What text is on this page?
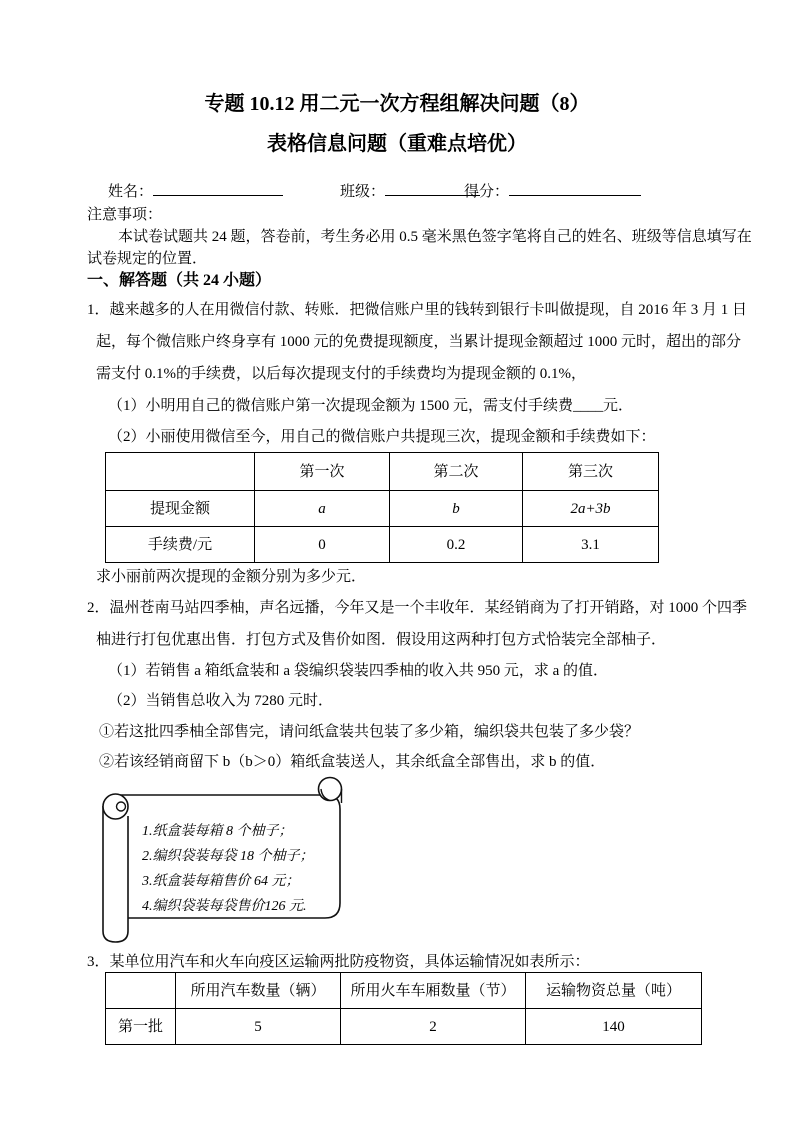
专题 10.12 用二元一次方程组解决问题（8）
表格信息问题（重难点培优）
姓名：	班级：	得分：
注意事项：
本试卷试题共 24 题，答卷前，考生务必用 0.5 毫米黑色签字笔将自己的姓名、班级等信息填写在
试卷规定的位置．
一、解答题（共 24 小题）
1．越来越多的人在用微信付款、转账．把微信账户里的钱转到银行卡叫做提现，自 2016 年 3 月 1 日
起，每个微信账户终身享有 1000 元的免费提现额度，当累计提现金额超过 1000 元时，超出的部分
需支付 0.1%的手续费，以后每次提现支付的手续费均为提现金额的 0.1%，
（1）小明用自己的微信账户第一次提现金额为 1500 元，需支付手续费____元．
（2）小丽使用微信至今，用自己的微信账户共提现三次，提现金额和手续费如下：
	第一次	第二次	第三次
提现金额	a	b	2a+3b
手续费/元	0	0.2	3.1
求小丽前两次提现的金额分别为多少元．
2．温州苍南马站四季柚，声名远播，今年又是一个丰收年．某经销商为了打开销路，对 1000 个四季
柚进行打包优惠出售．打包方式及售价如图．假设用这两种打包方式恰装完全部柚子．
（1）若销售 a 箱纸盒装和 a 袋编织袋装四季柚的收入共 950 元，求 a 的值．
（2）当销售总收入为 7280 元时．
①若这批四季柚全部售完，请问纸盒装共包装了多少箱，编织袋共包装了多少袋？
②若该经销商留下 b（b＞0）箱纸盒装送人，其余纸盒全部售出，求 b 的值．
1.纸盒装每箱 8 个柚子；
2.编织袋装每袋 18 个柚子；
3.纸盒装每箱售价 64 元；
4.编织袋装每袋售价126 元.
3．某单位用汽车和火车向疫区运输两批防疫物资，具体运输情况如表所示：
	所用汽车数量（辆）	所用火车车厢数量（节）	运输物资总量（吨）
第一批	5	2	140
